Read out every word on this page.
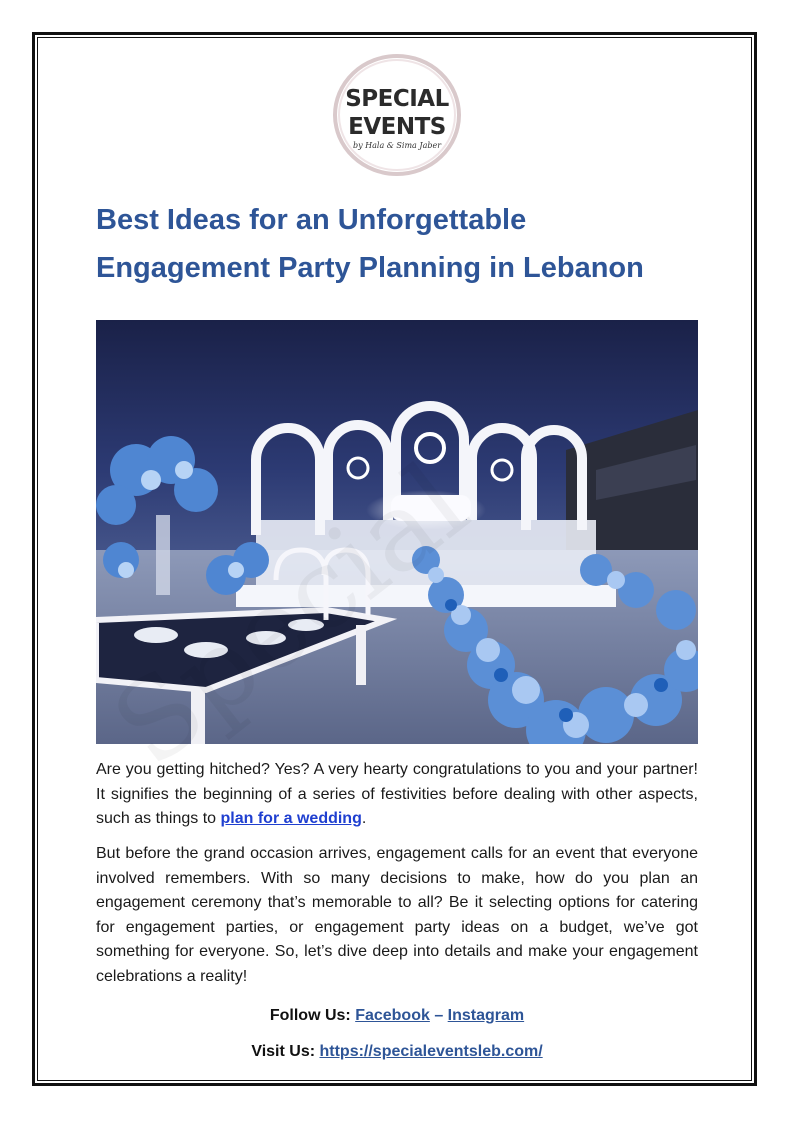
SPECIAL
EVENTS
by Hala & Sima Jaber
Best Ideas for an Unforgettable
Engagement Party Planning in Lebanon

Are you getting hitched? Yes? A very hearty congratulations to you and your partner! It signifies the beginning of a series of festivities before dealing with other aspects, such as things to plan for a wedding.

But before the grand occasion arrives, engagement calls for an event that everyone involved remembers. With so many decisions to make, how do you plan an engagement ceremony that’s memorable to all? Be it selecting options for catering for engagement parties, or engagement party ideas on a budget, we’ve got something for everyone. So, let’s dive deep into details and make your engagement celebrations a reality!

Follow Us: Facebook – Instagram
Visit Us: https://specialeventsleb.com/
